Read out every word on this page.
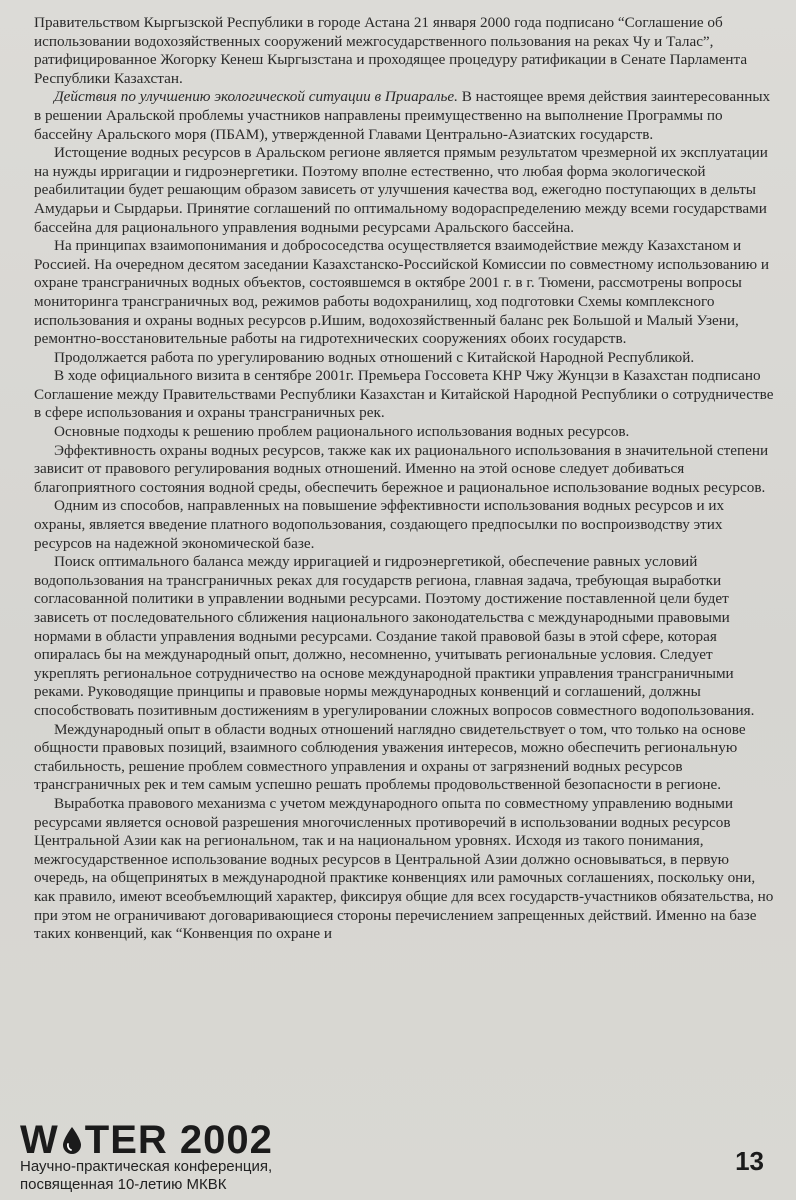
Правительством Кыргызской Республики в городе Астана 21 января 2000 года подписано “Соглашение об использовании водохозяйственных сооружений межгосударственного пользования на реках Чу и Талас”, ратифицированное Жогорку Кенеш Кыргызстана и проходящее процедуру ратификации в Сенате Парламента Республики Казахстан.

Действия по улучшению экологической ситуации в Приаралье. В настоящее время действия заинтересованных в решении Аральской проблемы участников направлены преимущественно на выполнение Программы по бассейну Аральского моря (ПБАМ), утвержденной Главами Центрально-Азиатских государств.

Истощение водных ресурсов в Аральском регионе является прямым результатом чрезмерной их эксплуатации на нужды ирригации и гидроэнергетики. Поэтому вполне естественно, что любая форма экологической реабилитации будет решающим образом зависеть от улучшения качества вод, ежегодно поступающих в дельты Амударьи и Сырдарьи. Принятие соглашений по оптимальному водораспределению между всеми государствами бассейна для рационального управления водными ресурсами Аральского бассейна.

На принципах взаимопонимания и добрососедства осуществляется взаимодействие между Казахстаном и Россией. На очередном десятом заседании Казахстанско-Российской Комиссии по совместному использованию и охране трансграничных водных объектов, состоявшемся в октябре 2001 г. в г. Тюмени, рассмотрены вопросы мониторинга трансграничных вод, режимов работы водохранилищ, ход подготовки Схемы комплексного использования и охраны водных ресурсов р.Ишим, водохозяйственный баланс рек Большой и Малый Узени, ремонтно-восстановительные работы на гидротехнических сооружениях обоих государств.

Продолжается работа по урегулированию водных отношений с Китайской Народной Республикой.

В ходе официального визита в сентябре 2001г. Премьера Госсовета КНР Чжу Жунцзи в Казахстан подписано Соглашение между Правительствами Республики Казахстан и Китайской Народной Республики о сотрудничестве в сфере использования и охраны трансграничных рек.

Основные подходы к решению проблем рационального использования водных ресурсов.

Эффективность охраны водных ресурсов, также как их рационального использования в значительной степени зависит от правового регулирования водных отношений. Именно на этой основе следует добиваться благоприятного состояния водной среды, обеспечить бережное и рациональное использование водных ресурсов.

Одним из способов, направленных на повышение эффективности использования водных ресурсов и их охраны, является введение платного водопользования, создающего предпосылки по воспроизводству этих ресурсов на надежной экономической базе.

Поиск оптимального баланса между ирригацией и гидроэнергетикой, обеспечение равных условий водопользования на трансграничных реках для государств региона, главная задача, требующая выработки согласованной политики в управлении водными ресурсами. Поэтому достижение поставленной цели будет зависеть от последовательного сближения национального законодательства с международными правовыми нормами в области управления водными ресурсами. Создание такой правовой базы в этой сфере, которая опиралась бы на международный опыт, должно, несомненно, учитывать региональные условия. Следует укреплять региональное сотрудничество на основе международной практики управления трансграничными реками. Руководящие принципы и правовые нормы международных конвенций и соглашений, должны способствовать позитивным достижениям в урегулировании сложных вопросов совместного водопользования.

Международный опыт в области водных отношений наглядно свидетельствует о том, что только на основе общности правовых позиций, взаимного соблюдения уважения интересов, можно обеспечить региональную стабильность, решение проблем совместного управления и охраны от загрязнений водных ресурсов трансграничных рек и тем самым успешно решать проблемы продовольственной безопасности в регионе.

Выработка правового механизма с учетом международного опыта по совместному управлению водными ресурсами является основой разрешения многочисленных противоречий в использовании водных ресурсов Центральной Азии как на региональном, так и на национальном уровнях. Исходя из такого понимания, межгосударственное использование водных ресурсов в Центральной Азии должно основываться, в первую очередь, на общепринятых в международной практике конвенциях или рамочных соглашениях, поскольку они, как правило, имеют всеобъемлющий характер, фиксируя общие для всех государств-участников обязательства, но при этом не ограничивают договаривающиеся стороны перечислением запрещенных действий. Именно на базе таких конвенций, как “Конвенция по охране и

W TER 2002
Научно-практическая конференция,
посвященная 10-летию МКВК
13
